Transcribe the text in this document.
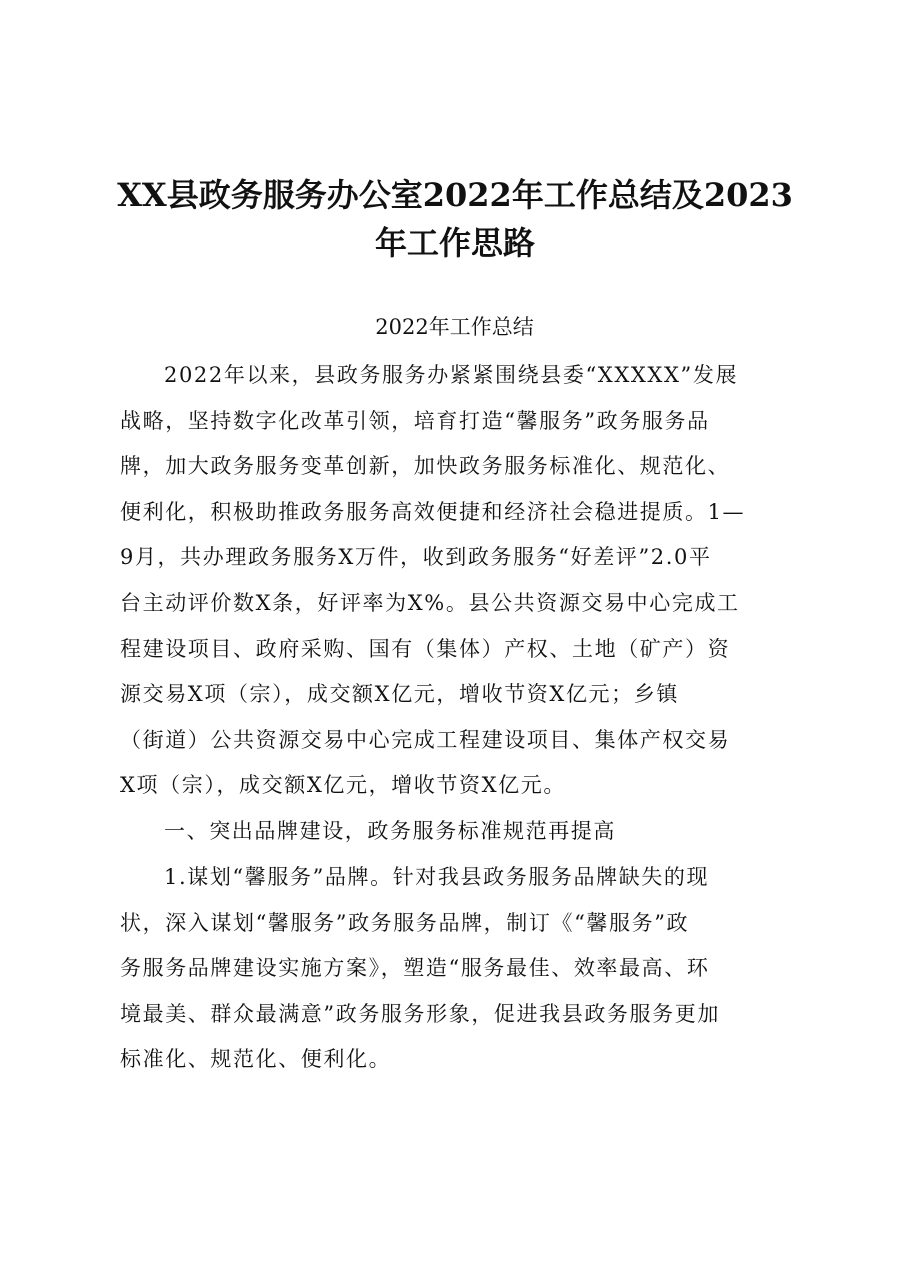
XX县政务服务办公室2022年工作总结及2023
年工作思路
2022年工作总结
2022年以来，县政务服务办紧紧围绕县委“XXXXX”发展
战略，坚持数字化改革引领，培育打造“馨服务”政务服务品
牌，加大政务服务变革创新，加快政务服务标准化、规范化、
便利化，积极助推政务服务高效便捷和经济社会稳进提质。1—
9月，共办理政务服务X万件，收到政务服务“好差评”2.0平
台主动评价数X条，好评率为X%。县公共资源交易中心完成工
程建设项目、政府采购、国有（集体）产权、土地（矿产）资
源交易X项（宗），成交额X亿元，增收节资X亿元；乡镇
（街道）公共资源交易中心完成工程建设项目、集体产权交易
X项（宗），成交额X亿元，增收节资X亿元。
一、突出品牌建设，政务服务标准规范再提高
1.谋划“馨服务”品牌。针对我县政务服务品牌缺失的现
状，深入谋划“馨服务”政务服务品牌，制订《“馨服务”政
务服务品牌建设实施方案》，塑造“服务最佳、效率最高、环
境最美、群众最满意”政务服务形象，促进我县政务服务更加
标准化、规范化、便利化。
